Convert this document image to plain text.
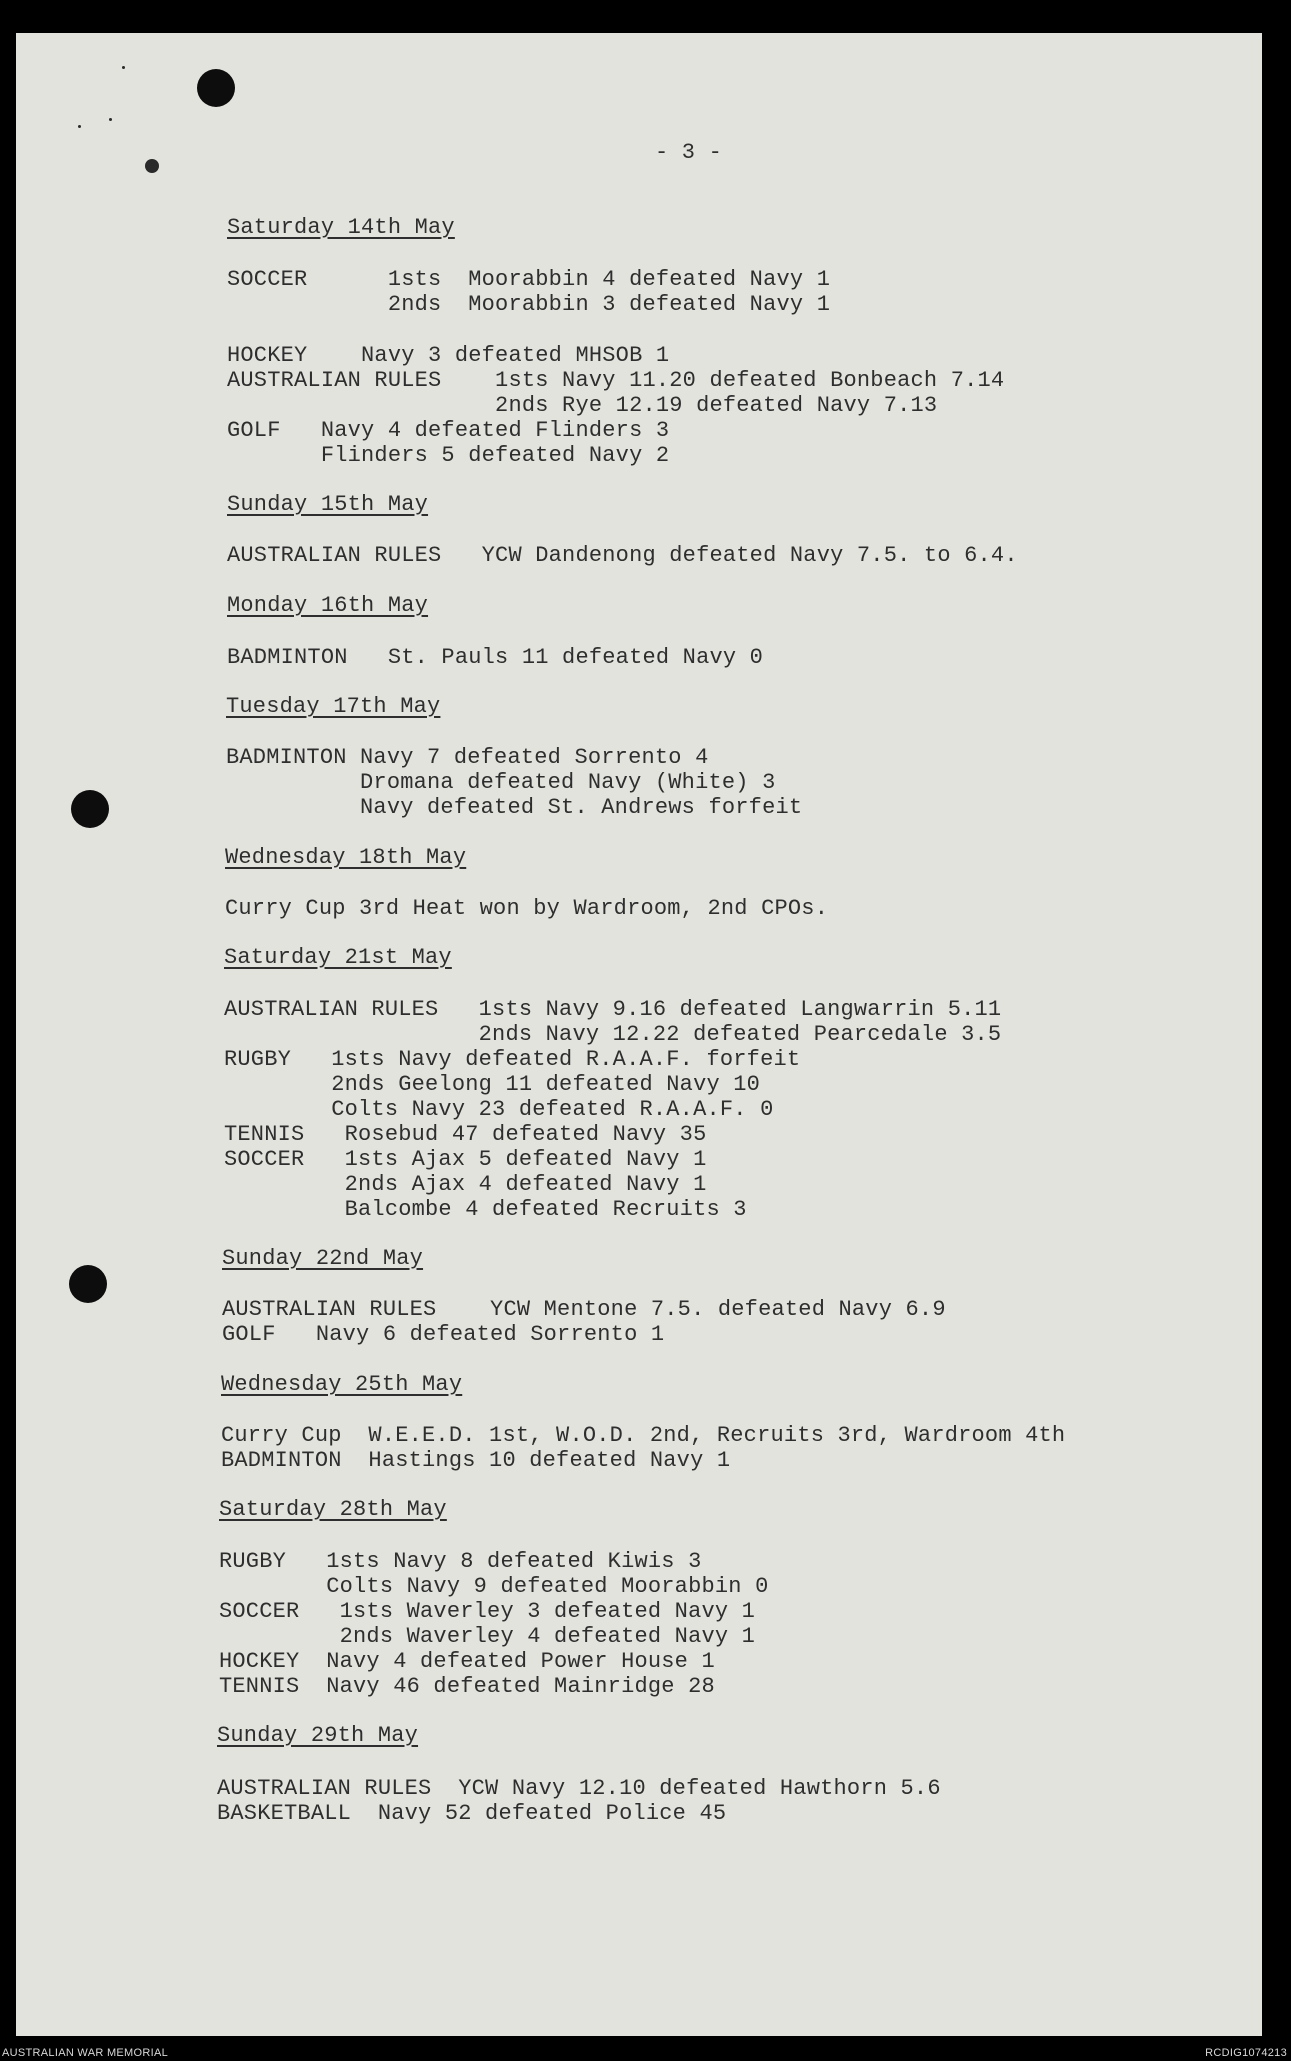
- 3 -
Saturday 14th May
SOCCER      1sts  Moorabbin 4 defeated Navy 1
2nds  Moorabbin 3 defeated Navy 1
HOCKEY    Navy 3 defeated MHSOB 1
AUSTRALIAN RULES    1sts Navy 11.20 defeated Bonbeach 7.14
2nds Rye 12.19 defeated Navy 7.13
GOLF   Navy 4 defeated Flinders 3
Flinders 5 defeated Navy 2
Sunday 15th May
AUSTRALIAN RULES   YCW Dandenong defeated Navy 7.5. to 6.4.
Monday 16th May
BADMINTON   St. Pauls 11 defeated Navy 0
Tuesday 17th May
BADMINTON Navy 7 defeated Sorrento 4
Dromana defeated Navy (White) 3
Navy defeated St. Andrews forfeit
Wednesday 18th May
Curry Cup 3rd Heat won by Wardroom, 2nd CPOs.
Saturday 21st May
AUSTRALIAN RULES   1sts Navy 9.16 defeated Langwarrin 5.11
2nds Navy 12.22 defeated Pearcedale 3.5
RUGBY   1sts Navy defeated R.A.A.F. forfeit
2nds Geelong 11 defeated Navy 10
Colts Navy 23 defeated R.A.A.F. 0
TENNIS   Rosebud 47 defeated Navy 35
SOCCER   1sts Ajax 5 defeated Navy 1
2nds Ajax 4 defeated Navy 1
Balcombe 4 defeated Recruits 3
Sunday 22nd May
AUSTRALIAN RULES    YCW Mentone 7.5. defeated Navy 6.9
GOLF   Navy 6 defeated Sorrento 1
Wednesday 25th May
Curry Cup  W.E.E.D. 1st, W.O.D. 2nd, Recruits 3rd, Wardroom 4th
BADMINTON  Hastings 10 defeated Navy 1
Saturday 28th May
RUGBY   1sts Navy 8 defeated Kiwis 3
Colts Navy 9 defeated Moorabbin 0
SOCCER   1sts Waverley 3 defeated Navy 1
2nds Waverley 4 defeated Navy 1
HOCKEY  Navy 4 defeated Power House 1
TENNIS  Navy 46 defeated Mainridge 28
Sunday 29th May
AUSTRALIAN RULES  YCW Navy 12.10 defeated Hawthorn 5.6
BASKETBALL  Navy 52 defeated Police 45
AUSTRALIAN WAR MEMORIAL	RCDIG1074213
